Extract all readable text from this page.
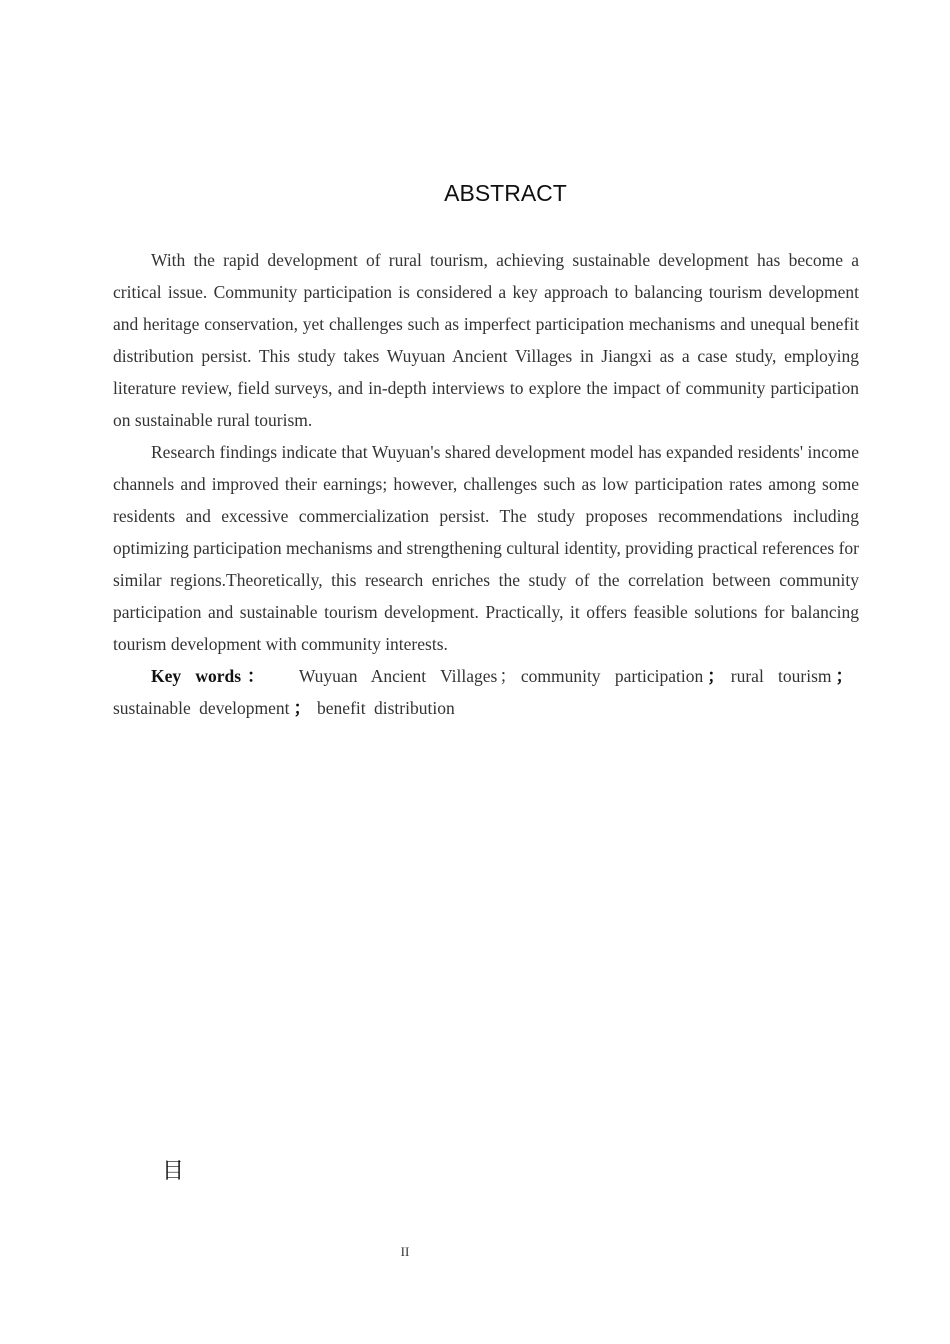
ABSTRACT

With the rapid development of rural tourism, achieving sustainable development has become a critical issue. Community participation is considered a key approach to balancing tourism development and heritage conservation, yet challenges such as imperfect participation mechanisms and unequal benefit distribution persist. This study takes Wuyuan Ancient Villages in Jiangxi as a case study, employing literature review, field surveys, and in-depth interviews to explore the impact of community participation on sustainable rural tourism.

Research findings indicate that Wuyuan's shared development model has expanded residents' income channels and improved their earnings; however, challenges such as low participation rates among some residents and excessive commercialization persist. The study proposes recommendations including optimizing participation mechanisms and strengthening cultural identity, providing practical references for similar regions.Theoretically, this research enriches the study of the correlation between community participation and sustainable tourism development. Practically, it offers feasible solutions for balancing tourism development with community interests.

Key words： Wuyuan Ancient Villages ； community participation ； rural tourism ； sustainable development ； benefit distribution

目
II
